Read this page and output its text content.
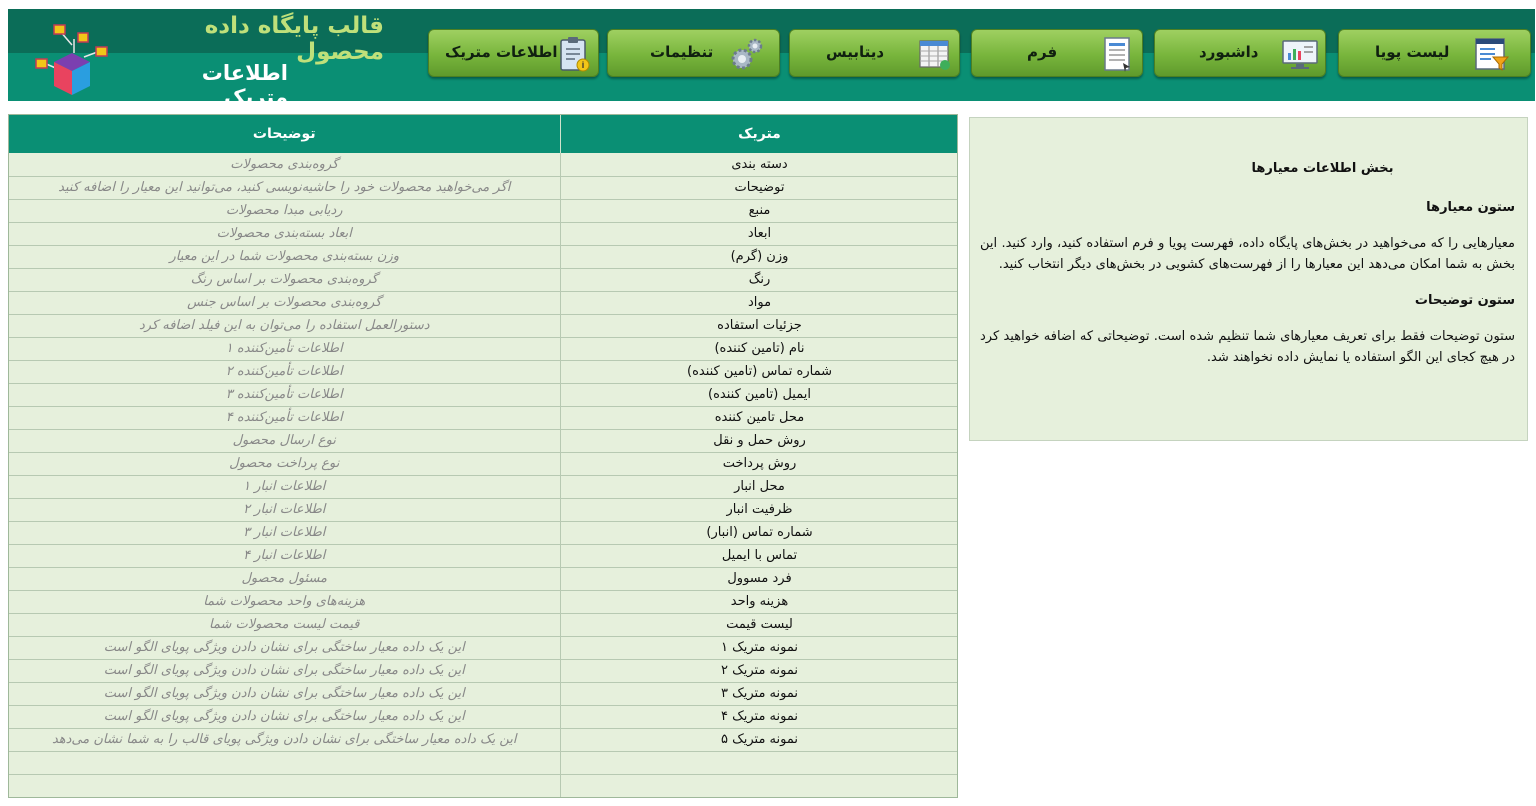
قالب پایگاه داده محصول
اطلاعات متریک
اطلاعات متریک
i
تنظیمات	دیتابیس	فرم	داشبورد	لیست پویا
توضیحات	متریک
گروه‌بندی محصولات	دسته بندی
اگر می‌خواهید محصولات خود را حاشیه‌نویسی کنید، می‌توانید این معیار را اضافه کنید	توضیحات
ردیابی مبدا محصولات	منبع
ابعاد بسته‌بندی محصولات	ابعاد
وزن بسته‌بندی محصولات شما در این معیار	وزن (گرم)
گروه‌بندی محصولات بر اساس رنگ	رنگ
گروه‌بندی محصولات بر اساس جنس	مواد
دستورالعمل استفاده را می‌توان به این فیلد اضافه کرد	جزئیات استفاده
اطلاعات تأمین‌کننده ۱	نام (تامین کننده)
اطلاعات تأمین‌کننده ۲	شماره تماس (تامین کننده)
اطلاعات تأمین‌کننده ۳	ایمیل (تامین کننده)
اطلاعات تأمین‌کننده ۴	محل تامین کننده
نوع ارسال محصول	روش حمل و نقل
نوع پرداخت محصول	روش پرداخت
اطلاعات انبار ۱	محل انبار
اطلاعات انبار ۲	ظرفیت انبار
اطلاعات انبار ۳	شماره تماس (انبار)
اطلاعات انبار ۴	تماس با ایمیل
مسئول محصول	فرد مسوول
هزینه‌های واحد محصولات شما	هزینه واحد
قیمت لیست محصولات شما	لیست قیمت
این یک داده معیار ساختگی برای نشان دادن ویژگی پویای الگو است	نمونه متریک ۱
این یک داده معیار ساختگی برای نشان دادن ویژگی پویای الگو است	نمونه متریک ۲
این یک داده معیار ساختگی برای نشان دادن ویژگی پویای الگو است	نمونه متریک ۳
این یک داده معیار ساختگی برای نشان دادن ویژگی پویای الگو است	نمونه متریک ۴
این یک داده معیار ساختگی برای نشان دادن ویژگی پویای قالب را به شما نشان می‌دهد	نمونه متریک ۵

بخش اطلاعات معیارها
ستون معیارها

معیارهایی را که می‌خواهید در بخش‌های پایگاه داده، فهرست پویا و فرم استفاده کنید، وارد کنید. این بخش به شما امکان می‌دهد این معیارها را از فهرست‌های کشویی در بخش‌های دیگر انتخاب کنید.

ستون توضیحات

ستون توضیحات فقط برای تعریف معیارهای شما تنظیم شده است. توضیحاتی که اضافه خواهید کرد در هیچ کجای این الگو استفاده یا نمایش داده نخواهند شد.
